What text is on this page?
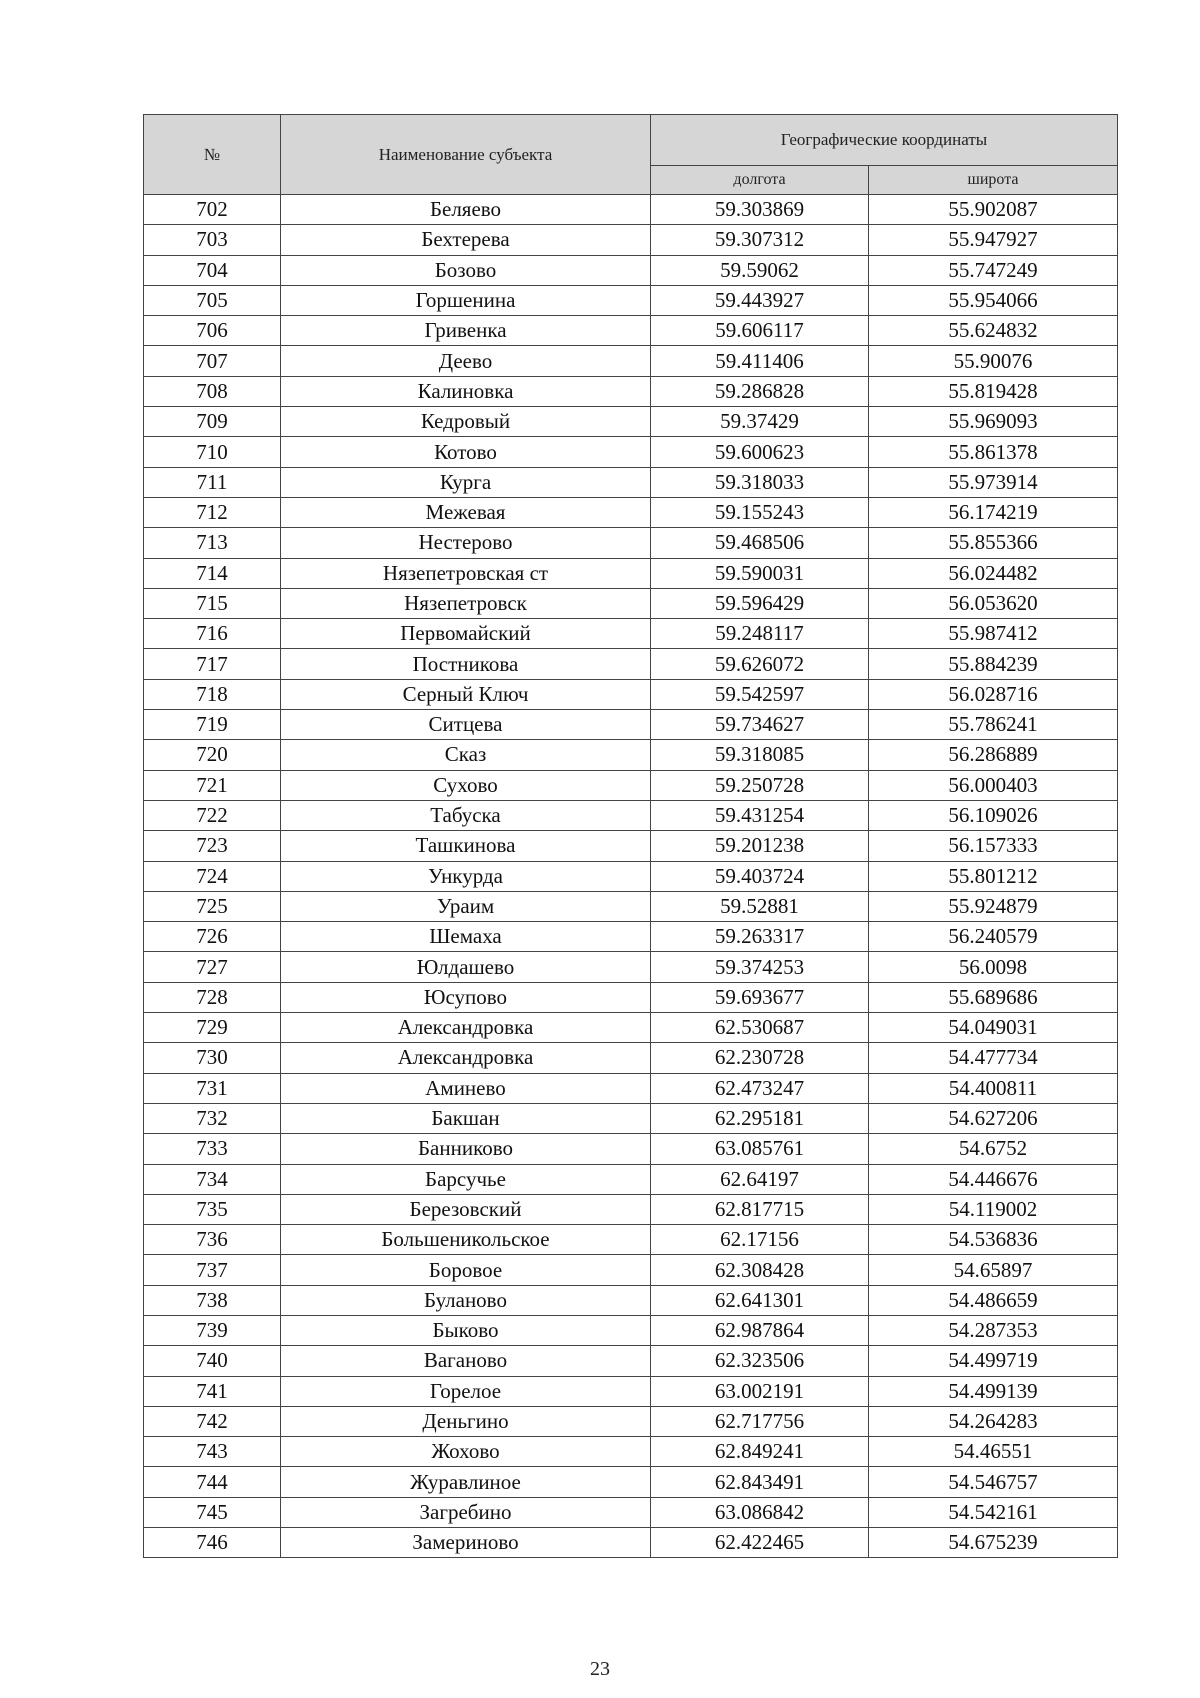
№	Наименование субъекта	Географические координаты	
		долгота	широта
702	Беляево	59.303869	55.902087
703	Бехтерева	59.307312	55.947927
704	Бозово	59.59062	55.747249
705	Горшенина	59.443927	55.954066
706	Гривенка	59.606117	55.624832
707	Деево	59.411406	55.90076
708	Калиновка	59.286828	55.819428
709	Кедровый	59.37429	55.969093
710	Котово	59.600623	55.861378
711	Курга	59.318033	55.973914
712	Межевая	59.155243	56.174219
713	Нестерово	59.468506	55.855366
714	Нязепетровская ст	59.590031	56.024482
715	Нязепетровск	59.596429	56.053620
716	Первомайский	59.248117	55.987412
717	Постникова	59.626072	55.884239
718	Серный Ключ	59.542597	56.028716
719	Ситцева	59.734627	55.786241
720	Сказ	59.318085	56.286889
721	Сухово	59.250728	56.000403
722	Табуска	59.431254	56.109026
723	Ташкинова	59.201238	56.157333
724	Ункурда	59.403724	55.801212
725	Ураим	59.52881	55.924879
726	Шемаха	59.263317	56.240579
727	Юлдашево	59.374253	56.0098
728	Юсупово	59.693677	55.689686
729	Александровка	62.530687	54.049031
730	Александровка	62.230728	54.477734
731	Аминево	62.473247	54.400811
732	Бакшан	62.295181	54.627206
733	Банниково	63.085761	54.6752
734	Барсучье	62.64197	54.446676
735	Березовский	62.817715	54.119002
736	Большеникольское	62.17156	54.536836
737	Боровое	62.308428	54.65897
738	Буланово	62.641301	54.486659
739	Быково	62.987864	54.287353
740	Ваганово	62.323506	54.499719
741	Горелое	63.002191	54.499139
742	Деньгино	62.717756	54.264283
743	Жохово	62.849241	54.46551
744	Журавлиное	62.843491	54.546757
745	Загребино	63.086842	54.542161
746	Замериново	62.422465	54.675239
23
